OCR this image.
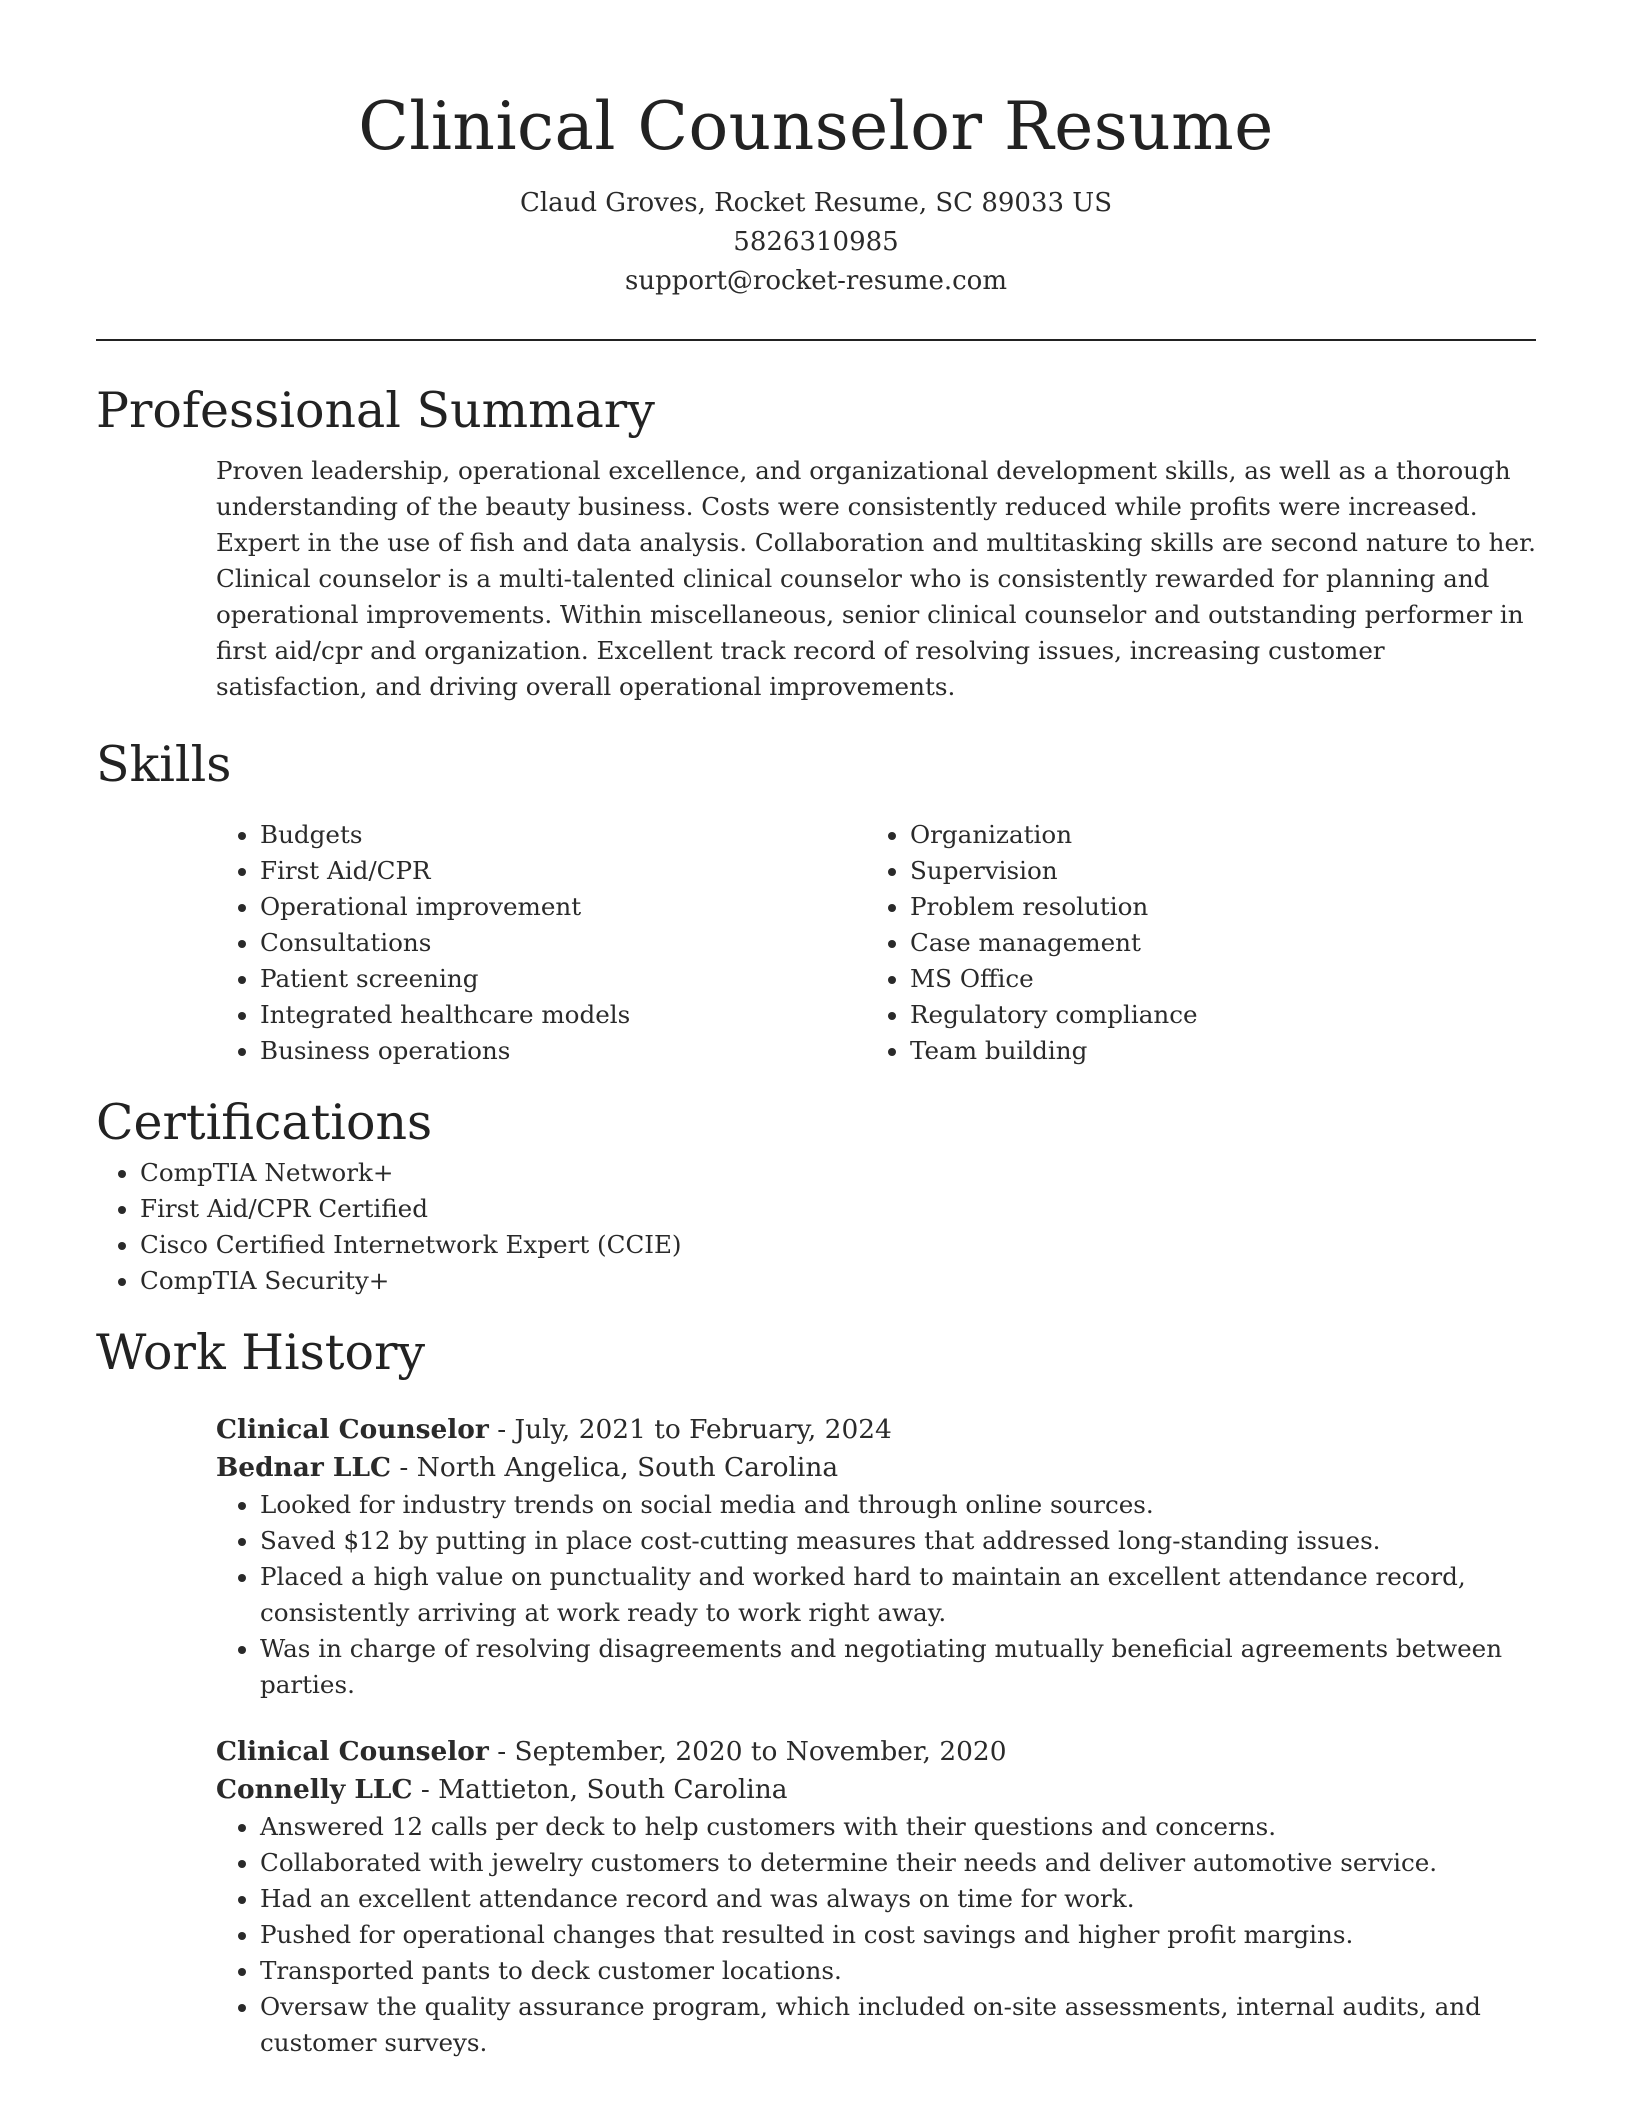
Clinical Counselor Resume
Claud Groves, Rocket Resume, SC 89033 US
5826310985
support@rocket-resume.com
Professional Summary

Proven leadership, operational excellence, and organizational development skills, as well as a thorough understanding of the beauty business. Costs were consistently reduced while profits were increased. Expert in the use of fish and data analysis. Collaboration and multitasking skills are second nature to her. Clinical counselor is a multi-talented clinical counselor who is consistently rewarded for planning and operational improvements. Within miscellaneous, senior clinical counselor and outstanding performer in first aid/cpr and organization. Excellent track record of resolving issues, increasing customer satisfaction, and driving overall operational improvements.

Skills
• Budgets
• First Aid/CPR
• Operational improvement
• Consultations
• Patient screening
• Integrated healthcare models
• Business operations
• Organization
• Supervision
• Problem resolution
• Case management
• MS Office
• Regulatory compliance
• Team building
Certifications
• CompTIA Network+
• First Aid/CPR Certified
• Cisco Certified Internetwork Expert (CCIE)
• CompTIA Security+
Work History
Clinical Counselor - July, 2021 to February, 2024
Bednar LLC - North Angelica, South Carolina
• Looked for industry trends on social media and through online sources.
• Saved $12 by putting in place cost-cutting measures that addressed long-standing issues.
• Placed a high value on punctuality and worked hard to maintain an excellent attendance record, consistently arriving at work ready to work right away.
• Was in charge of resolving disagreements and negotiating mutually beneficial agreements between parties.
Clinical Counselor - September, 2020 to November, 2020
Connelly LLC - Mattieton, South Carolina
• Answered 12 calls per deck to help customers with their questions and concerns.
• Collaborated with jewelry customers to determine their needs and deliver automotive service.
• Had an excellent attendance record and was always on time for work.
• Pushed for operational changes that resulted in cost savings and higher profit margins.
• Transported pants to deck customer locations.
• Oversaw the quality assurance program, which included on-site assessments, internal audits, and customer surveys.
